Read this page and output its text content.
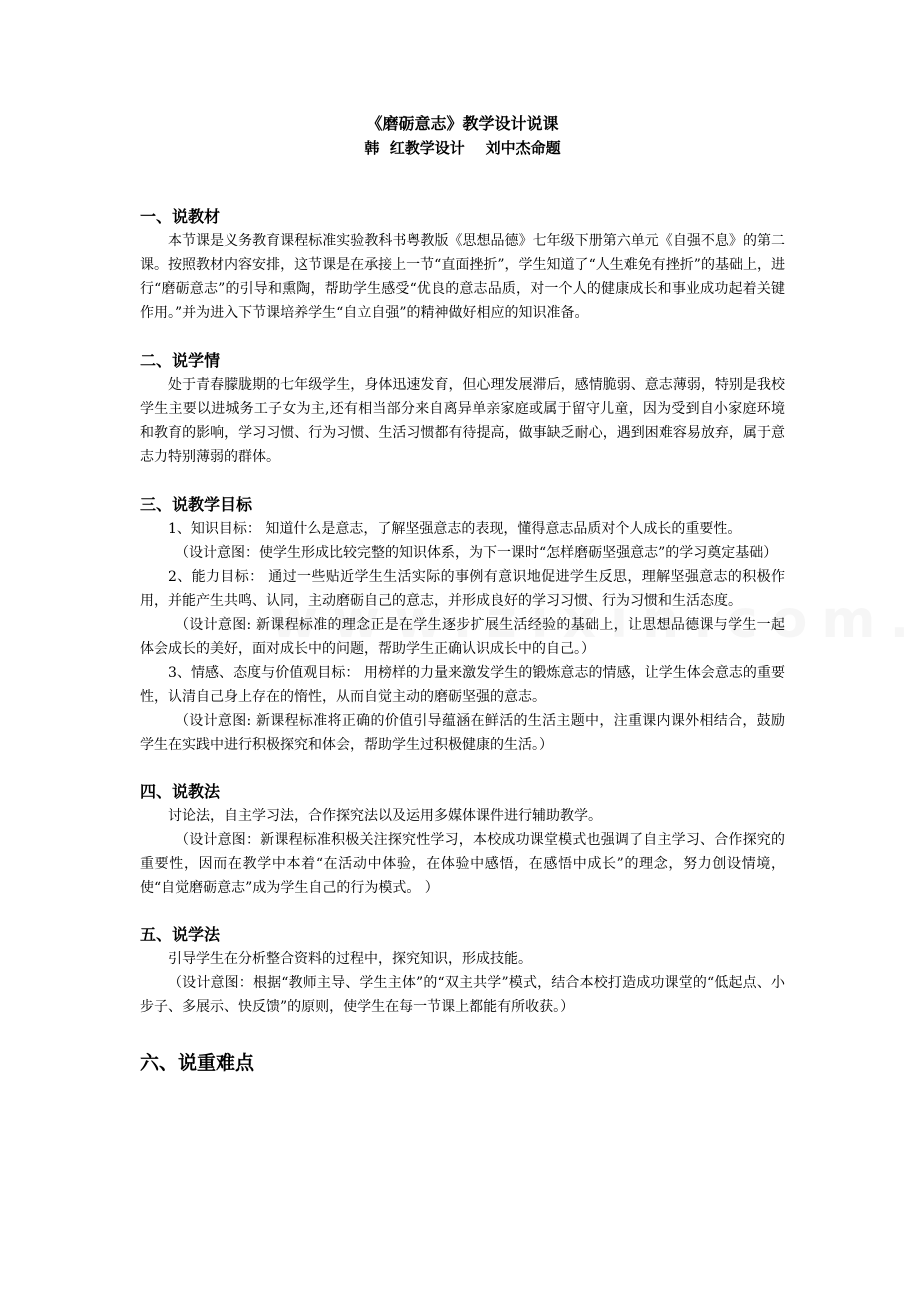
《磨砺意志》教学设计说课

韩  红教学设计    刘中杰命题

一、说教材

本节课是义务教育课程标准实验教科书粤教版《思想品德》七年级下册第六单元《自强不息》的第二课。按照教材内容安排，这节课是在承接上一节“直面挫折”，学生知道了“人生难免有挫折”的基础上，进行“磨砺意志”的引导和熏陶，帮助学生感受“优良的意志品质，对一个人的健康成长和事业成功起着关键作用。”并为进入下节课培养学生“自立自强”的精神做好相应的知识准备。

二、说学情

处于青春朦胧期的七年级学生，身体迅速发育，但心理发展滞后，感情脆弱、意志薄弱，特别是我校学生主要以进城务工子女为主,还有相当部分来自离异单亲家庭或属于留守儿童，因为受到自小家庭环境和教育的影响，学习习惯、行为习惯、生活习惯都有待提高，做事缺乏耐心，遇到困难容易放弃，属于意志力特别薄弱的群体。

三、说教学目标

1、知识目标： 知道什么是意志，了解坚强意志的表现，懂得意志品质对个人成长的重要性。

（设计意图：使学生形成比较完整的知识体系，为下一课时“怎样磨砺坚强意志”的学习奠定基础）

2、能力目标： 通过一些贴近学生生活实际的事例有意识地促进学生反思，理解坚强意志的积极作用，并能产生共鸣、认同，主动磨砺自己的意志，并形成良好的学习习惯、行为习惯和生活态度。

（设计意图: 新课程标准的理念正是在学生逐步扩展生活经验的基础上，让思想品德课与学生一起体会成长的美好，面对成长中的问题，帮助学生正确认识成长中的自己。）

3、情感、态度与价值观目标： 用榜样的力量来激发学生的锻炼意志的情感，让学生体会意志的重要性，认清自己身上存在的惰性，从而自觉主动的磨砺坚强的意志。

（设计意图: 新课程标准将正确的价值引导蕴涵在鲜活的生活主题中，注重课内课外相结合，鼓励学生在实践中进行积极探究和体会，帮助学生过积极健康的生活。）

四、说教法

讨论法，自主学习法，合作探究法以及运用多媒体课件进行辅助教学。

（设计意图：新课程标准积极关注探究性学习，本校成功课堂模式也强调了自主学习、合作探究的重要性，因而在教学中本着“在活动中体验，在体验中感悟，在感悟中成长”的理念，努力创设情境，使“自觉磨砺意志”成为学生自己的行为模式。 ）

五、说学法

引导学生在分析整合资料的过程中，探究知识，形成技能。

（设计意图：根据“教师主导、学生主体”的“双主共学”模式，结合本校打造成功课堂的“低起点、小步子、多展示、快反馈”的原则，使学生在每一节课上都能有所收获。）

六、说重难点
